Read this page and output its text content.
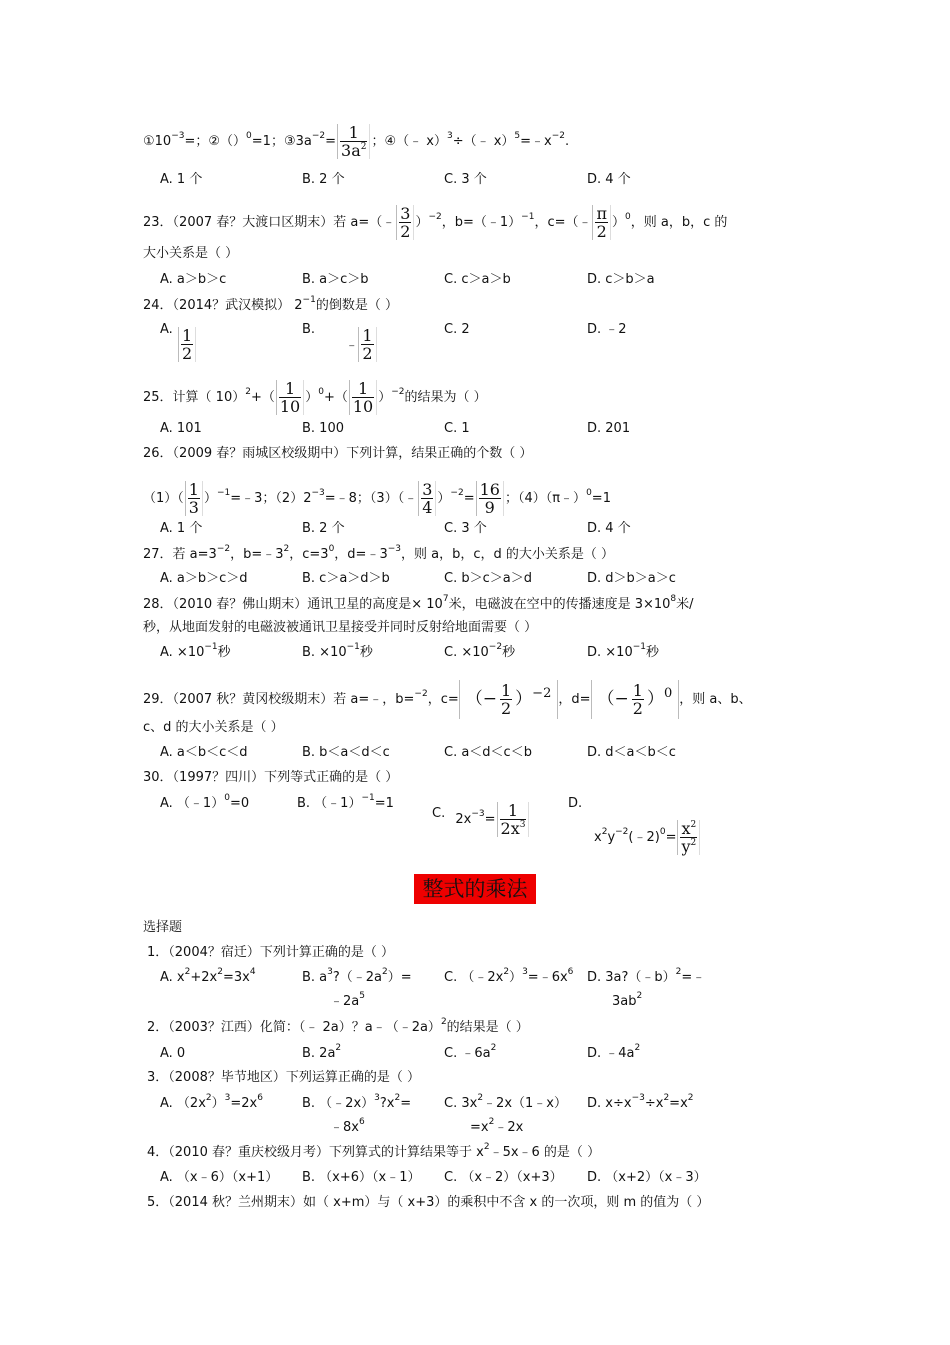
$①10^{-3}=$；②（）$^0$=1；$③3a^{-2}= \frac{1}{3a^2}$ ；④（﹣ x）$^3$÷（﹣ $x)^5=﹣x^{-2}$.
A. 1 个	B. 2 个	C. 3 个	D. 4 个
23．（2007 春？大渡口区期末）若 a=（﹣ $\frac{3}{2} )^{-2}$，b=（﹣1）$^{-1}$，c=（﹣ $\frac{\pi}{2} )^0$，则 a，b，c 的
大小关系是（ ）
A. a＞b＞c	B. a＞c＞b	C. c＞a＞b	D. c＞b＞a
24．（2014？武汉模拟） $2^{-1}$的倒数是（ ）
A. $\frac{1}{2}$	B. ﹣ $\frac{1}{2}$	C. 2	D. ﹣2
25．计算（ $10)^2+( \frac{1}{10} )^0+( \frac{1}{10} )^{-2}$的结果为（ ）
A. 101	B. 100	C. 1	D. 201
26．（2009 春？雨城区校级期中）下列计算，结果正确的个数（ ）
$(1)( \frac{1}{3}$ ）$^{-1}=﹣3$；$(2)2^{-3}=﹣8$；（3）（﹣ $\frac{3}{4} )^{-2}= \frac{16}{9}$ ；（4）（π﹣）$^0$=1
A. 1 个	B. 2 个	C. 3 个	D. 4 个
27．若 $a=3^{-2}$，$b=﹣3^2$，$c=3^0$，$d=﹣3^{-3}$，则 a，b，c，d 的大小关系是（ ）
A. a＞b＞c＞d	B. c＞a＞d＞b	C. b＞c＞a＞d	D. d＞b＞a＞c
28．（2010 春？佛山期末）通讯卫星的高度是× $10^7$米，电磁波在空中的传播速度是 $3\times 10^8$米/
秒，从地面发射的电磁波被通讯卫星接受并同时反射给地面需要（ ）
A. $\times 10^{-1}$秒	B. $\times 10^{-1}$秒	C. $\times 10^{-2}$秒	D. $\times 10^{-1}$秒
29．（2007 秋？黄冈校级期末）若 a=﹣，b=$^{-2}$，c= （− $\frac{1}{2} )^{-2}$ ，d= （− $\frac{1}{2} )^0$ ，则 a、b、
c、d 的大小关系是（ ）
A. a＜b＜c＜d	B. b＜a＜d＜c	C. a＜d＜c＜b	D. d＜a＜b＜c
30．（1997？四川）下列等式正确的是（ ）
A. （﹣1）$^0$=0	B. （﹣1）$^{-1}$=1
C. $2x^{-3}= \frac{1}{2x^3}$	D.
$x^2y^{-2}(﹣2)^0= \frac{x^2}{y^2}$
整式的乘法
选择题
1．（2004？宿迁）下列计算正确的是（ ）
A. $x^2+2x^2=3x^4$	B. $a^3?(﹣2a^2)=$
$﹣2a^5$
C. $(﹣2x^2)^3=﹣6x^6$ D. 3a?（﹣b）$^2$=﹣
$3ab^2$
2．（2003？江西）化简：（﹣ 2a）？a﹣（﹣2a）$^2$的结果是（ ）
A. 0	B. $2a^2$	C. $﹣6a^2$	D. $﹣4a^2$
3．（2008？毕节地区）下列运算正确的是（ ）
A. $(2x^2)^3=2x^6$	B. $(﹣2x)^3?x^2=$
$﹣8x^6$
C. $3x^2﹣2x(1﹣x)$
$=x^2﹣2x$
D. $x\div x^{-3}\div x^2=x^2$
4．（2010 春？重庆校级月考）下列算式的计算结果等于 $x^2﹣5x﹣6$ 的是（ ）
A. （x﹣6）（x+1） B. （x+6）（x﹣1） C. （x﹣2）（x+3） D. （x+2）（x﹣3）
5．（2014 秋？兰州期末）如（ x+m）与（ x+3）的乘积中不含 x 的一次项，则 m 的值为（ ）
